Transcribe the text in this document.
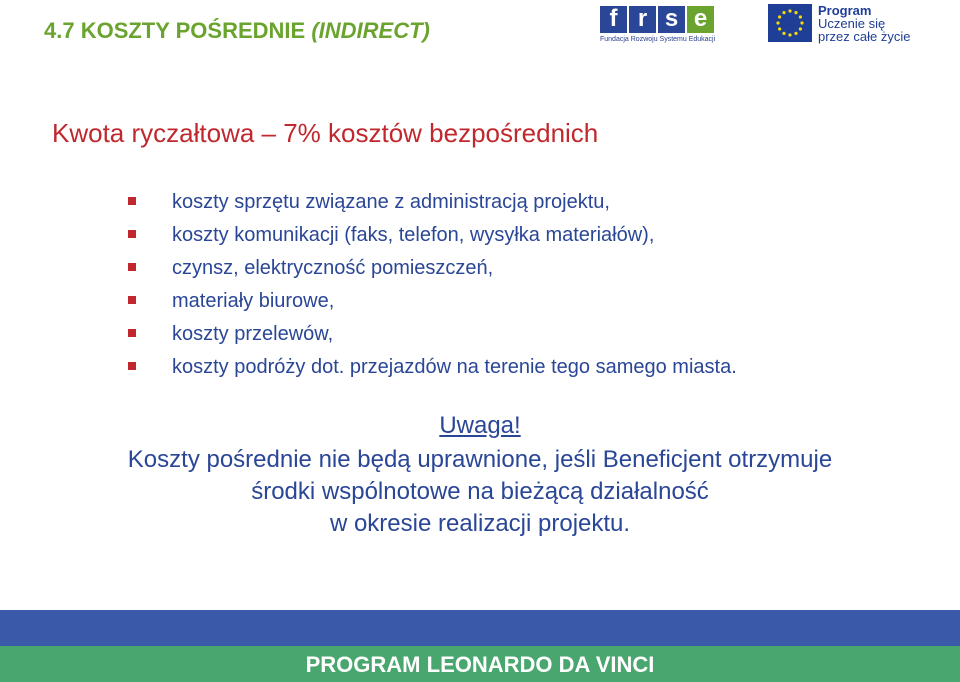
4.7 KOSZTY POŚREDNIE (INDIRECT)	f r s e
Fundacja Rozwoju Systemu Edukacji
Program
Uczenie się
przez całe życie
Kwota ryczałtowa – 7% kosztów bezpośrednich
koszty sprzętu związane z administracją projektu,
koszty komunikacji (faks, telefon, wysyłka materiałów),
czynsz, elektryczność pomieszczeń,
materiały biurowe,
koszty przelewów,
koszty podróży dot. przejazdów na terenie tego samego miasta.
Uwaga!
Koszty pośrednie nie będą uprawnione, jeśli Beneficjent otrzymuje
środki wspólnotowe na bieżącą działalność
w okresie realizacji projektu.
PROGRAM LEONARDO DA VINCI
